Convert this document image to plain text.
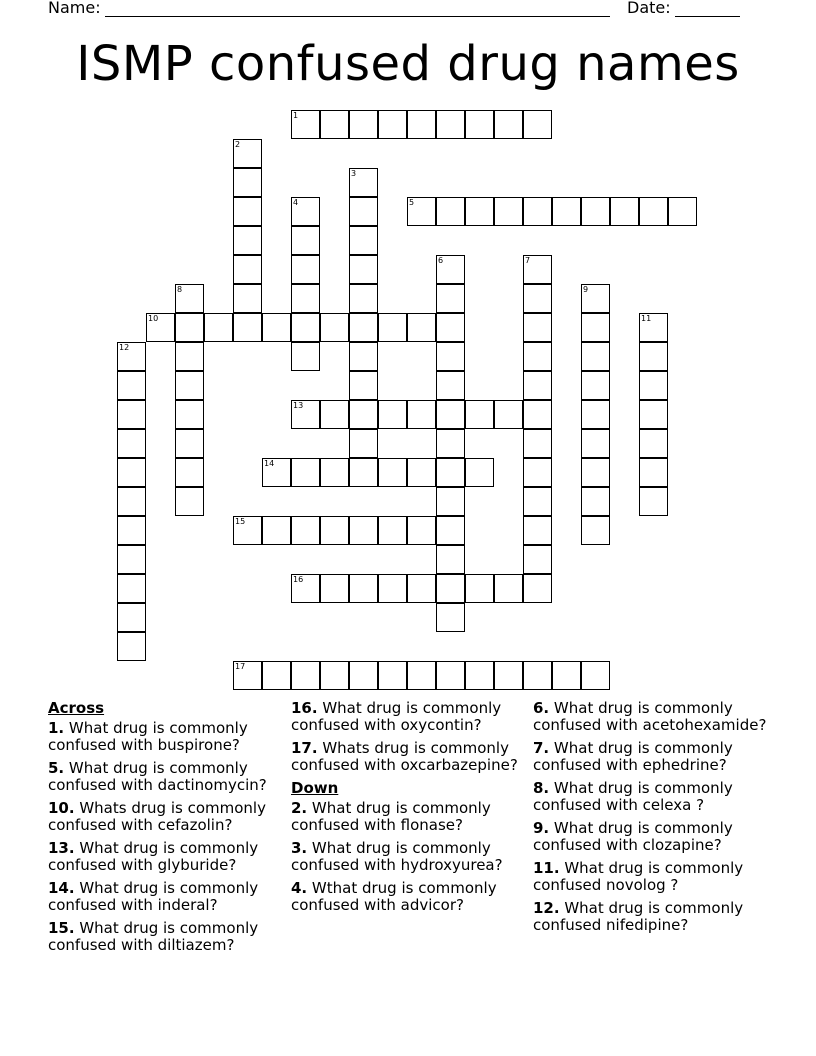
Name:	Date:
ISMP confused drug names
1
2
3
4	5
6	7
8	9
10	11
12
13
14
15
16
17
Across
1. What drug is commonly confused with buspirone?
5. What drug is commonly confused with dactinomycin?
10. Whats drug is commonly confused with cefazolin?
13. What drug is commonly confused with glyburide?
14. What drug is commonly confused with inderal?
15. What drug is commonly confused with diltiazem?
16. What drug is commonly confused with oxycontin?
17. Whats drug is commonly confused with oxcarbazepine?
Down
2. What drug is commonly confused with flonase?
3. What drug is commonly confused with hydroxyurea?
4. Wthat drug is commonly confused with advicor?
6. What drug is commonly confused with acetohexamide?
7. What drug is commonly confused with ephedrine?
8. What drug is commonly confused with celexa ?
9. What drug is commonly confused with clozapine?
11. What drug is commonly confused novolog ?
12. What drug is commonly confused nifedipine?
